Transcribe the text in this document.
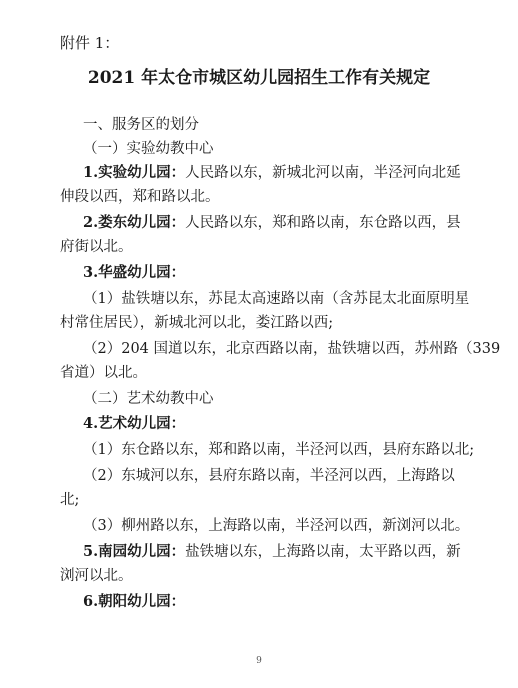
附件 1：
2021 年太仓市城区幼儿园招生工作有关规定
一、服务区的划分
（一）实验幼教中心
1.实验幼儿园：人民路以东，新城北河以南，半泾河向北延
伸段以西，郑和路以北。
2.娄东幼儿园：人民路以东，郑和路以南，东仓路以西，县
府街以北。
3.华盛幼儿园：
（1）盐铁塘以东，苏昆太高速路以南（含苏昆太北面原明星
村常住居民），新城北河以北，娄江路以西;
（2）204 国道以东，北京西路以南，盐铁塘以西，苏州路（339
省道）以北。
（二）艺术幼教中心
4.艺术幼儿园：
（1）东仓路以东，郑和路以南，半泾河以西，县府东路以北;
（2）东城河以东，县府东路以南，半泾河以西，上海路以
北;
（3）柳州路以东，上海路以南，半泾河以西，新浏河以北。
5.南园幼儿园：盐铁塘以东，上海路以南，太平路以西，新
浏河以北。
6.朝阳幼儿园：
9
